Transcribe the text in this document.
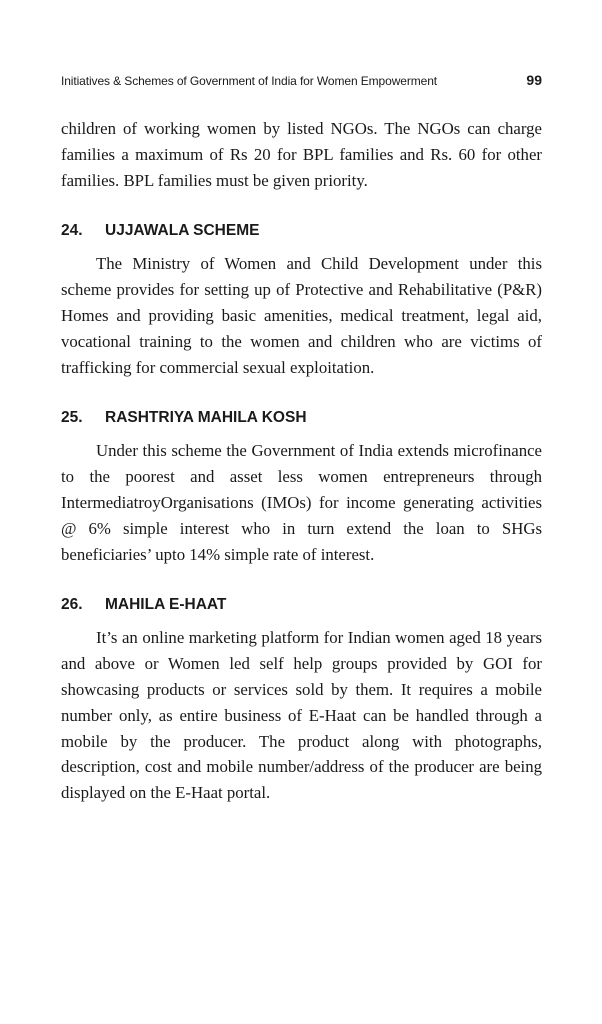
Initiatives & Schemes of Government of India for Women Empowerment	99

children of working women by listed NGOs. The NGOs can charge families a maximum of Rs 20 for BPL families and Rs. 60 for other families. BPL families must be given priority.

24.	UJJAWALA SCHEME

The Ministry of Women and Child Development under this scheme provides for setting up of Protective and Rehabilitative (P&R) Homes and providing basic amenities, medical treatment, legal aid, vocational training to the women and children who are victims of trafficking for commercial sexual exploitation.

25.	RASHTRIYA MAHILA KOSH

Under this scheme the Government of India extends microfinance to the poorest and asset less women entrepreneurs through IntermediatroyOrganisations (IMOs) for income generating activities @ 6% simple interest who in turn extend the loan to SHGs beneficiaries’ upto 14% simple rate of interest.

26.	MAHILA E-HAAT

It’s an online marketing platform for Indian women aged 18 years and above or Women led self help groups provided by GOI for showcasing products or services sold by them. It requires a mobile number only, as entire business of E-Haat can be handled through a mobile by the producer. The product along with photographs, description, cost and mobile number/address of the producer are being displayed on the E-Haat portal.
